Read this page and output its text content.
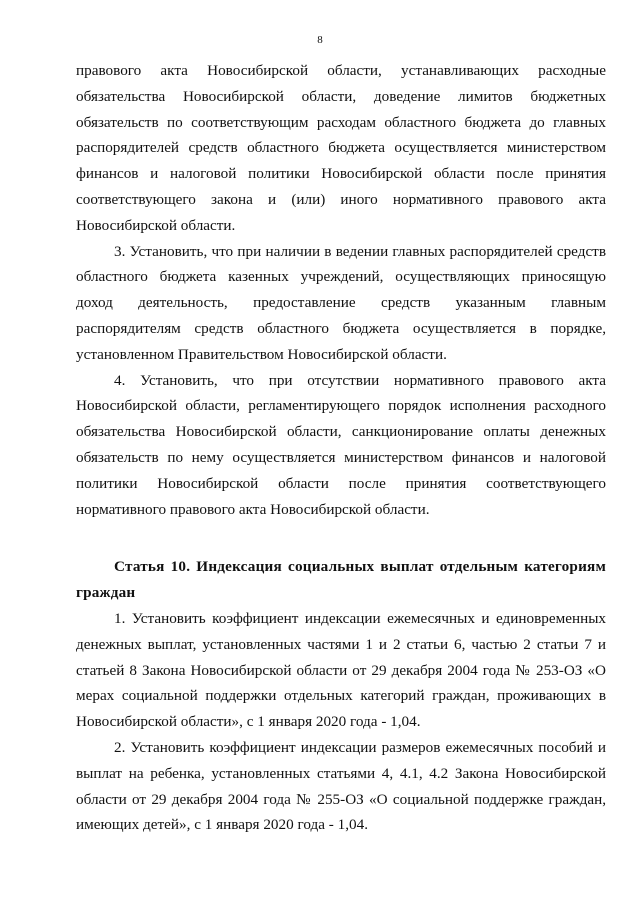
8

правового акта Новосибирской области, устанавливающих расходные обязательства Новосибирской области, доведение лимитов бюджетных обязательств по соответствующим расходам областного бюджета до главных распорядителей средств областного бюджета осуществляется министерством финансов и налоговой политики Новосибирской области после принятия соответствующего закона и (или) иного нормативного правового акта Новосибирской области.

3. Установить, что при наличии в ведении главных распорядителей средств областного бюджета казенных учреждений, осуществляющих приносящую доход деятельность, предоставление средств указанным главным распорядителям средств областного бюджета осуществляется в порядке, установленном Правительством Новосибирской области.

4. Установить, что при отсутствии нормативного правового акта Новосибирской области, регламентирующего порядок исполнения расходного обязательства Новосибирской области, санкционирование оплаты денежных обязательств по нему осуществляется министерством финансов и налоговой политики Новосибирской области после принятия соответствующего нормативного правового акта Новосибирской области.

Статья 10. Индексация социальных выплат отдельным категориям граждан

1. Установить коэффициент индексации ежемесячных и единовременных денежных выплат, установленных частями 1 и 2 статьи 6, частью 2 статьи 7 и статьей 8 Закона Новосибирской области от 29 декабря 2004 года № 253-ОЗ «О мерах социальной поддержки отдельных категорий граждан, проживающих в Новосибирской области», с 1 января 2020 года - 1,04.

2. Установить коэффициент индексации размеров ежемесячных пособий и выплат на ребенка, установленных статьями 4, 4.1, 4.2 Закона Новосибирской области от 29 декабря 2004 года № 255-ОЗ «О социальной поддержке граждан, имеющих детей», с 1 января 2020 года - 1,04.
